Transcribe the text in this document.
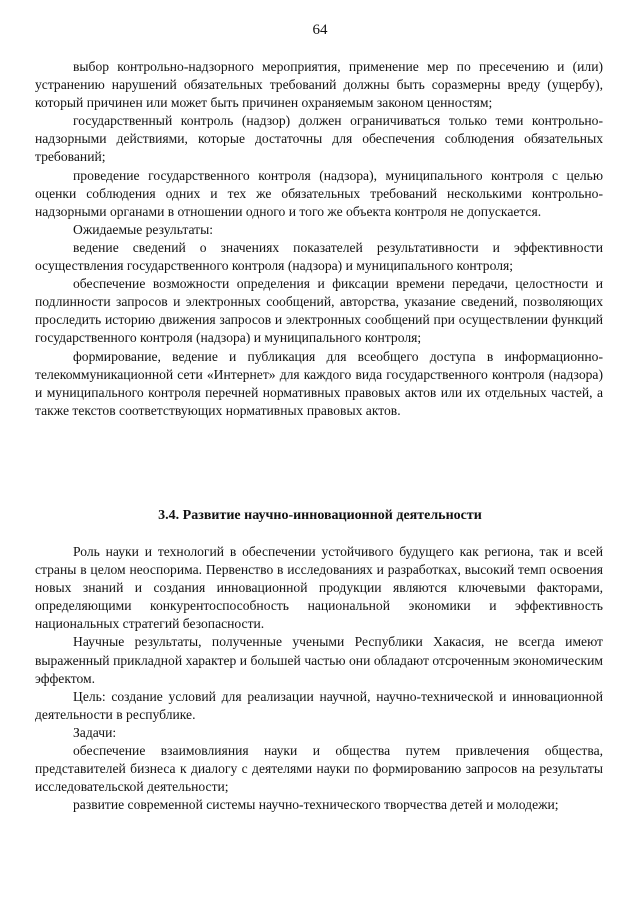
64

выбор контрольно-надзорного мероприятия, применение мер по пресечению и (или) устранению нарушений обязательных требований должны быть соразмерны вреду (ущербу), который причинен или может быть причинен охраняемым законом ценностям;

государственный контроль (надзор) должен ограничиваться только теми контрольно-надзорными действиями, которые достаточны для обеспечения соблюдения обязательных требований;

проведение государственного контроля (надзора), муниципального контроля с целью оценки соблюдения одних и тех же обязательных требований несколькими контрольно-надзорными органами в отношении одного и того же объекта контроля не допускается.

Ожидаемые результаты:

ведение сведений о значениях показателей результативности и эффективности осуществления государственного контроля (надзора) и муниципального контроля;

обеспечение возможности определения и фиксации времени передачи, целостности и подлинности запросов и электронных сообщений, авторства, указание сведений, позволяющих проследить историю движения запросов и электронных сообщений при осуществлении функций государственного контроля (надзора) и муниципального контроля;

формирование, ведение и публикация для всеобщего доступа в информационно-телекоммуникационной сети «Интернет» для каждого вида государственного контроля (надзора) и муниципального контроля перечней нормативных правовых актов или их отдельных частей, а также текстов соответствующих нормативных правовых актов.

3.4. Развитие научно-инновационной деятельности

Роль науки и технологий в обеспечении устойчивого будущего как региона, так и всей страны в целом неоспорима. Первенство в исследованиях и разработках, высокий темп освоения новых знаний и создания инновационной продукции являются ключевыми факторами, определяющими конкурентоспособность национальной экономики и эффективность национальных стратегий безопасности.

Научные результаты, полученные учеными Республики Хакасия, не всегда имеют выраженный прикладной характер и большей частью они обладают отсроченным экономическим эффектом.

Цель: создание условий для реализации научной, научно-технической и инновационной деятельности в республике.

Задачи:

обеспечение взаимовлияния науки и общества путем привлечения общества, представителей бизнеса к диалогу с деятелями науки по формированию запросов на результаты исследовательской деятельности;

развитие современной системы научно-технического творчества детей и молодежи;
